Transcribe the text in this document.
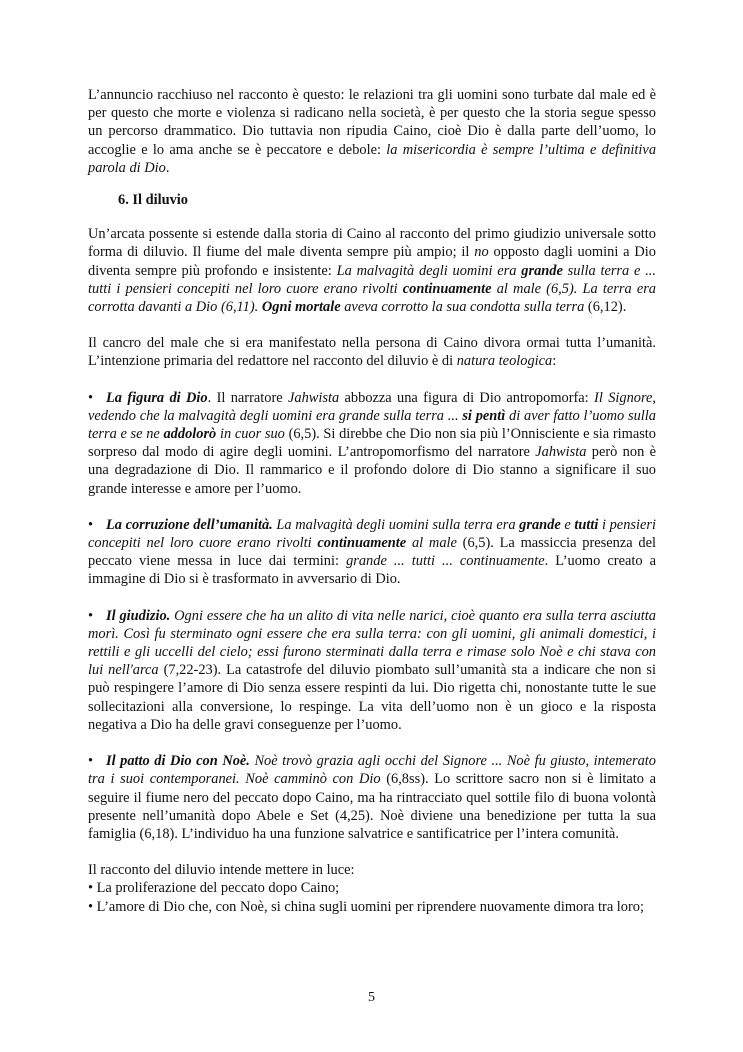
L’annuncio racchiuso nel racconto è questo: le relazioni tra gli uomini sono turbate dal male ed è per questo che morte e violenza si radicano nella società, è per questo che la storia segue spesso un percorso drammatico. Dio tuttavia non ripudia Caino, cioè Dio è dalla parte dell’uomo, lo accoglie e lo ama anche se è peccatore e debole: la misericordia è sempre l’ultima e definitiva parola di Dio.

6. Il diluvio

Un’arcata possente si estende dalla storia di Caino al racconto del primo giudizio universale sotto forma di diluvio. Il fiume del male diventa sempre più ampio; il no opposto dagli uomini a Dio diventa sempre più profondo e insistente: La malvagità degli uomini era grande sulla terra e ... tutti i pensieri concepiti nel loro cuore erano rivolti continuamente al male (6,5). La terra era corrotta davanti a Dio (6,11). Ogni mortale aveva corrotto la sua condotta sulla terra (6,12).

Il cancro del male che si era manifestato nella persona di Caino divora ormai tutta l’umanità. L’intenzione primaria del redattore nel racconto del diluvio è di natura teologica:

• La figura di Dio. Il narratore Jahwista abbozza una figura di Dio antropomorfa: Il Signore, vedendo che la malvagità degli uomini era grande sulla terra ... si pentì di aver fatto l’uomo sulla terra e se ne addolorò in cuor suo (6,5). Si direbbe che Dio non sia più l’Onnisciente e sia rimasto sorpreso dal modo di agire degli uomini. L’antropomorfismo del narratore Jahwista però non è una degradazione di Dio. Il rammarico e il profondo dolore di Dio stanno a significare il suo grande interesse e amore per l’uomo.

• La corruzione dell’umanità. La malvagità degli uomini sulla terra era grande e tutti i pensieri concepiti nel loro cuore erano rivolti continuamente al male (6,5). La massiccia presenza del peccato viene messa in luce dai termini: grande ... tutti ... continuamente. L’uomo creato a immagine di Dio si è trasformato in avversario di Dio.

• Il giudizio. Ogni essere che ha un alito di vita nelle narici, cioè quanto era sulla terra asciutta morì. Così fu sterminato ogni essere che era sulla terra: con gli uomini, gli animali domestici, i rettili e gli uccelli del cielo; essi furono sterminati dalla terra e rimase solo Noè e chi stava con lui nell'arca (7,22-23). La catastrofe del diluvio piombato sull’umanità sta a indicare che non si può respingere l’amore di Dio senza essere respinti da lui. Dio rigetta chi, nonostante tutte le sue sollecitazioni alla conversione, lo respinge. La vita dell’uomo non è un gioco e la risposta negativa a Dio ha delle gravi conseguenze per l’uomo.

• Il patto di Dio con Noè. Noè trovò grazia agli occhi del Signore ... Noè fu giusto, intemerato tra i suoi contemporanei. Noè camminò con Dio (6,8ss). Lo scrittore sacro non si è limitato a seguire il fiume nero del peccato dopo Caino, ma ha rintracciato quel sottile filo di buona volontà presente nell’umanità dopo Abele e Set (4,25). Noè diviene una benedizione per tutta la sua famiglia (6,18). L’individuo ha una funzione salvatrice e santificatrice per l’intera comunità.

Il racconto del diluvio intende mettere in luce:

• La proliferazione del peccato dopo Caino;

• L’amore di Dio che, con Noè, si china sugli uomini per riprendere nuovamente dimora tra loro;

5
